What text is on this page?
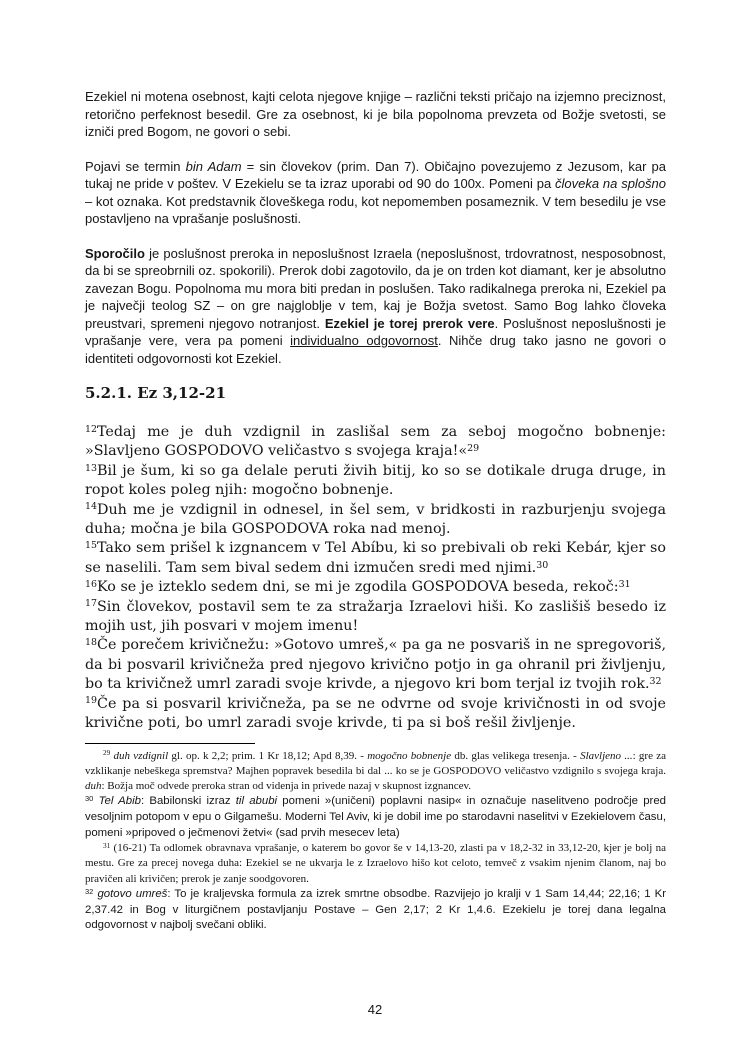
Ezekiel ni motena osebnost, kajti celota njegove knjige – različni teksti pričajo na izjemno preciznost, retorično perfeknost besedil. Gre za osebnost, ki je bila popolnoma prevzeta od Božje svetosti, se izniči pred Bogom, ne govori o sebi.

Pojavi se termin bin Adam = sin človekov (prim. Dan 7). Običajno povezujemo z Jezusom, kar pa tukaj ne pride v poštev. V Ezekielu se ta izraz uporabi od 90 do 100x. Pomeni pa človeka na splošno – kot oznaka. Kot predstavnik človeškega rodu, kot nepomemben posameznik. V tem besedilu je vse postavljeno na vprašanje poslušnosti.

Sporočilo je poslušnost preroka in neposlušnost Izraela (neposlušnost, trdovratnost, nesposobnost, da bi se spreobrnili oz. spokorili). Prerok dobi zagotovilo, da je on trden kot diamant, ker je absolutno zavezan Bogu. Popolnoma mu mora biti predan in poslušen. Tako radikalnega preroka ni, Ezekiel pa je največji teolog SZ – on gre najgloblje v tem, kaj je Božja svetost. Samo Bog lahko človeka preustvari, spremeni njegovo notranjost. Ezekiel je torej prerok vere. Poslušnost neposlušnosti je vprašanje vere, vera pa pomeni individualno odgovornost. Nihče drug tako jasno ne govori o identiteti odgovornosti kot Ezekiel.

5.2.1. Ez 3,12-21

$^{12}$Tedaj me je duh vzdignil in zaslišal sem za seboj mogočno bobnenje: »Slavljeno GOSPODOVO veličastvo s svojega kraja!«$^{29}$

$^{13}$Bil je šum, ki so ga delale peruti živih bitij, ko so se dotikale druga druge, in ropot koles poleg njih: mogočno bobnenje.

$^{14}$Duh me je vzdignil in odnesel, in šel sem, v bridkosti in razburjenju svojega duha; močna je bila GOSPODOVA roka nad menoj.

$^{15}$Tako sem prišel k izgnancem v Tel Abíbu, ki so prebivali ob reki Kebár, kjer so se naselili. Tam sem bival sedem dni izmučen sredi med njimi.$^{30}$

$^{16}$Ko se je izteklo sedem dni, se mi je zgodila GOSPODOVA beseda, rekoč:$^{31}$

$^{17}$Sin človekov, postavil sem te za stražarja Izraelovi hiši. Ko zaslišiš besedo iz mojih ust, jih posvari v mojem imenu!

$^{18}$Če porečem krivičnežu: »Gotovo umreš,« pa ga ne posvariš in ne spregovoriš, da bi posvaril krivičneža pred njegovo krivično potjo in ga ohranil pri življenju, bo ta krivičnež umrl zaradi svoje krivde, a njegovo kri bom terjal iz tvojih rok.$^{32}$

$^{19}$Če pa si posvaril krivičneža, pa se ne odvrne od svoje krivičnosti in od svoje krivične poti, bo umrl zaradi svoje krivde, ti pa si boš rešil življenje.

$^{29}$ duh vzdignil gl. op. k 2,2; prim. 1 Kr 18,12; Apd 8,39. - mogočno bobnenje db. glas velikega tresenja. - Slavljeno ...: gre za vzklikanje nebeškega spremstva? Majhen popravek besedila bi dal ... ko se je GOSPODOVO veličastvo vzdignilo s svojega kraja. duh: Božja moč odvede preroka stran od videnja in privede nazaj v skupnost izgnancev.

$^{30}$ Tel Abib: Babilonski izraz til abubi pomeni »(uničeni) poplavni nasip« in označuje naselitveno področje pred vesoljnim potopom v epu o Gilgamešu. Moderni Tel Aviv, ki je dobil ime po starodavni naselitvi v Ezekielovem času, pomeni »pripoved o ječmenovi žetvi« (sad prvih mesecev leta)

$^{31}$ (16-21) Ta odlomek obravnava vprašanje, o katerem bo govor še v 14,13-20, zlasti pa v 18,2-32 in 33,12-20, kjer je bolj na mestu. Gre za precej novega duha: Ezekiel se ne ukvarja le z Izraelovo hišo kot celoto, temveč z vsakim njenim članom, naj bo pravičen ali krivičen; prerok je zanje soodgovoren.

$^{32}$ gotovo umreš: To je kraljevska formula za izrek smrtne obsodbe. Razvijejo jo kralji v 1 Sam 14,44; 22,16; 1 Kr 2,37.42 in Bog v liturgičnem postavljanju Postave – Gen 2,17; 2 Kr 1,4.6. Ezekielu je torej dana legalna odgovornost v najbolj svečani obliki.

42
